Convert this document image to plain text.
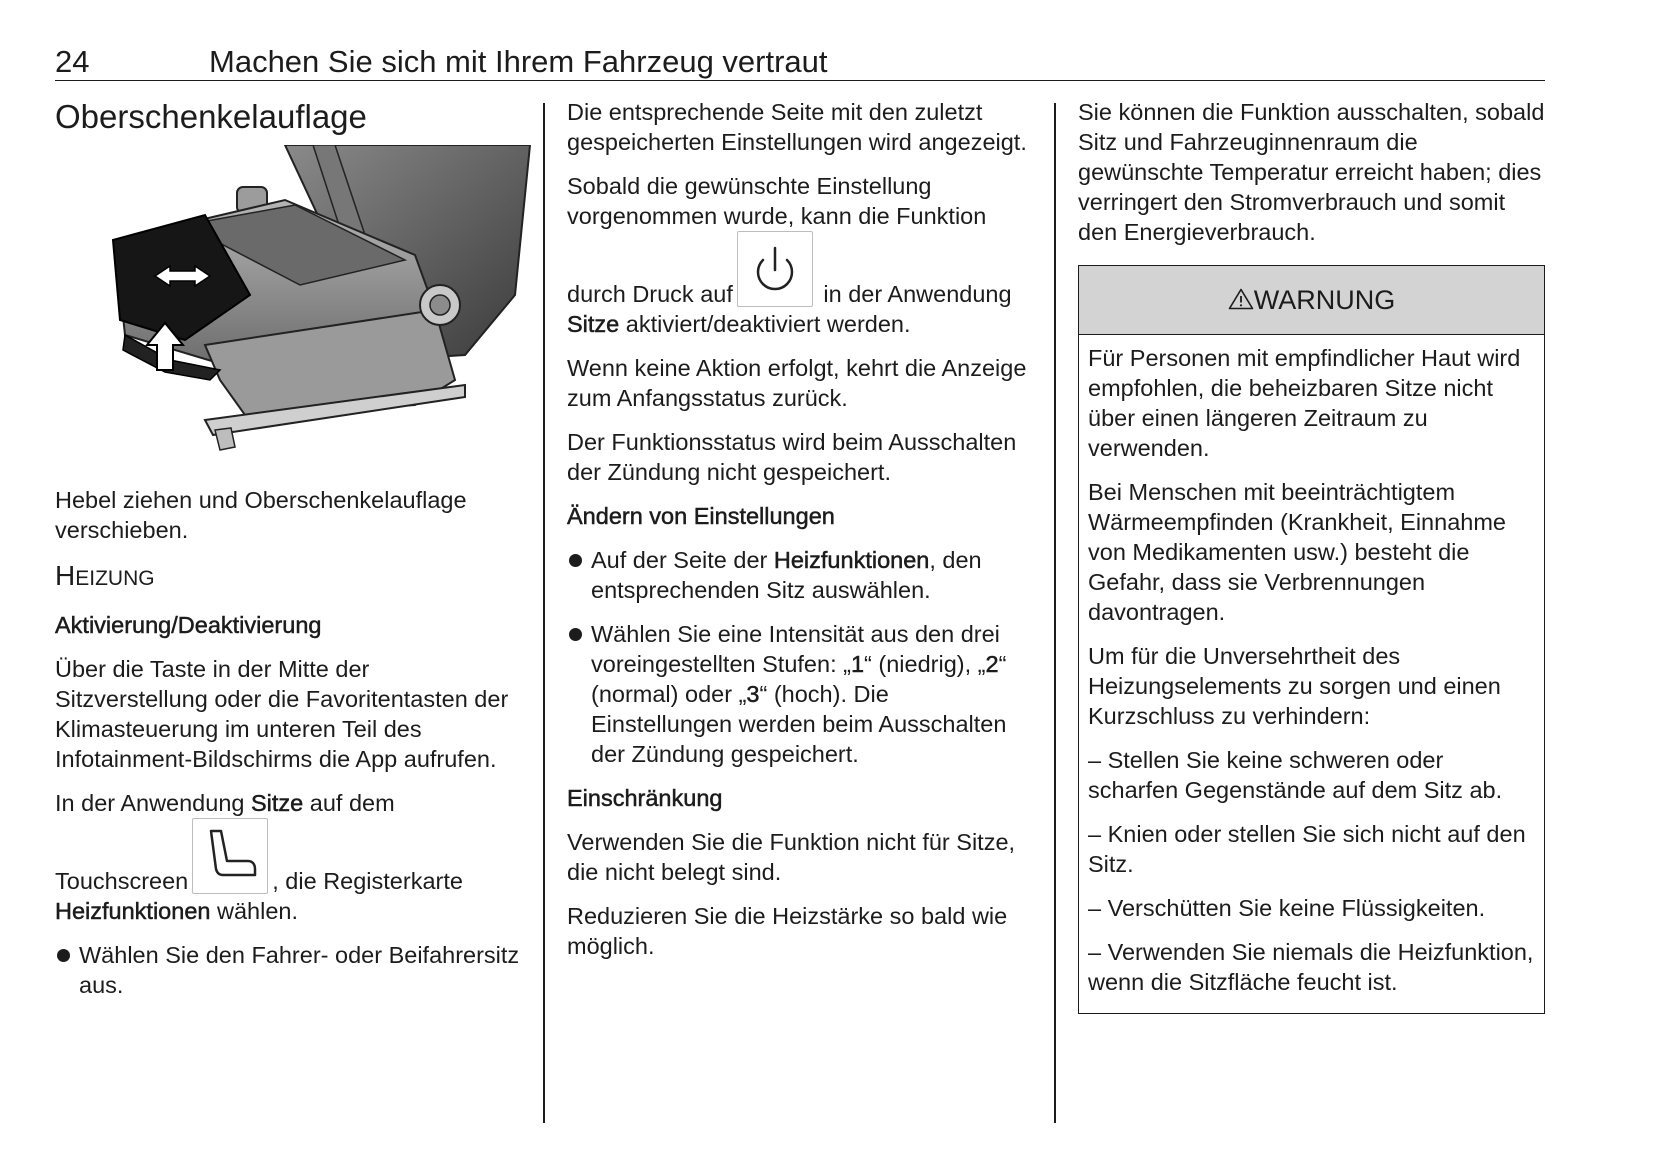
24	Machen Sie sich mit Ihrem Fahrzeug vertraut
Oberschenkelauflage

Hebel ziehen und Oberschenkelauflage verschieben.

HEIZUNG

Aktivierung/Deaktivierung

Über die Taste in der Mitte der Sitzverstellung oder die Favoritentasten der Klimasteuerung im unteren Teil des Infotainment-Bildschirms die App aufrufen.

In der Anwendung Sitze auf dem

Touchscreen	, die Registerkarte Heizfunktionen wählen.

Wählen Sie den Fahrer- oder Beifahrersitz aus.

Die entsprechende Seite mit den zuletzt gespeicherten Einstellungen wird angezeigt.

Sobald die gewünschte Einstellung vorgenommen wurde, kann die Funktion
durch Druck auf	in der Anwendung Sitze aktiviert/deaktiviert werden.

Wenn keine Aktion erfolgt, kehrt die Anzeige zum Anfangsstatus zurück.

Der Funktionsstatus wird beim Ausschalten der Zündung nicht gespeichert.

Ändern von Einstellungen

Auf der Seite der Heizfunktionen, den entsprechenden Sitz auswählen.

Wählen Sie eine Intensität aus den drei voreingestellten Stufen: „1“ (niedrig), „2“ (normal) oder „3“ (hoch). Die Einstellungen werden beim Ausschalten der Zündung gespeichert.

Einschränkung

Verwenden Sie die Funktion nicht für Sitze, die nicht belegt sind.

Reduzieren Sie die Heizstärke so bald wie möglich.

Sie können die Funktion ausschalten, sobald Sitz und Fahrzeuginnenraum die gewünschte Temperatur erreicht haben; dies verringert den Stromverbrauch und somit den Energieverbrauch.

WARNUNG

Für Personen mit empfindlicher Haut wird empfohlen, die beheizbaren Sitze nicht über einen längeren Zeitraum zu verwenden.

Bei Menschen mit beeinträchtigtem Wärmeempfinden (Krankheit, Einnahme von Medikamenten usw.) besteht die Gefahr, dass sie Verbrennungen davontragen.

Um für die Unversehrtheit des Heizungselements zu sorgen und einen Kurzschluss zu verhindern:

– Stellen Sie keine schweren oder scharfen Gegenstände auf dem Sitz ab.

– Knien oder stellen Sie sich nicht auf den Sitz.

– Verschütten Sie keine Flüssigkeiten.

– Verwenden Sie niemals die Heizfunktion, wenn die Sitzfläche feucht ist.
